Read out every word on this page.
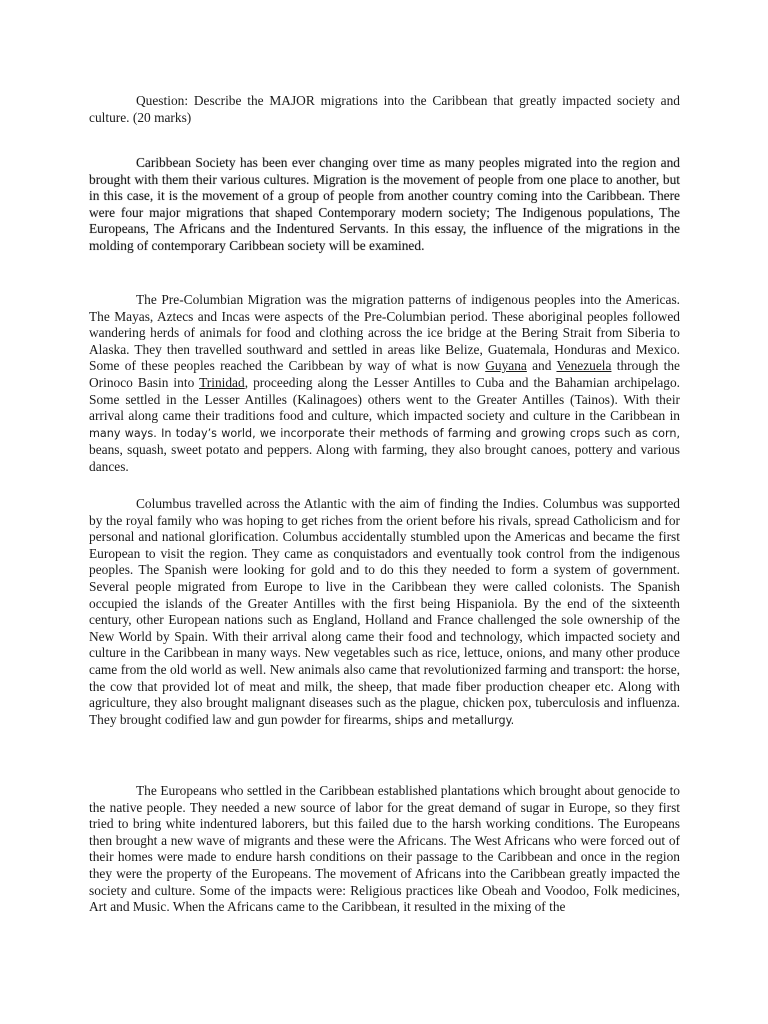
Question: Describe the MAJOR migrations into the Caribbean that greatly impacted society and culture. (20 marks)

Caribbean Society has been ever changing over time as many peoples migrated into the region and brought with them their various cultures. Migration is the movement of people from one place to another, but in this case, it is the movement of a group of people from another country coming into the Caribbean. There were four major migrations that shaped Contemporary modern society; The Indigenous populations, The Europeans, The Africans and the Indentured Servants. In this essay, the influence of the migrations in the molding of contemporary Caribbean society will be examined.

The Pre-Columbian Migration was the migration patterns of indigenous peoples into the Americas. The Mayas, Aztecs and Incas were aspects of the Pre-Columbian period. These aboriginal peoples followed wandering herds of animals for food and clothing across the ice bridge at the Bering Strait from Siberia to Alaska. They then travelled southward and settled in areas like Belize, Guatemala, Honduras and Mexico. Some of these peoples reached the Caribbean by way of what is now Guyana and Venezuela through the Orinoco Basin into Trinidad, proceeding along the Lesser Antilles to Cuba and the Bahamian archipelago. Some settled in the Lesser Antilles (Kalinagoes) others went to the Greater Antilles (Tainos). With their arrival along came their traditions food and culture, which impacted society and culture in the Caribbean in many ways. In today’s world, we incorporate their methods of farming and growing crops such as corn, beans, squash, sweet potato and peppers. Along with farming, they also brought canoes, pottery and various dances.

Columbus travelled across the Atlantic with the aim of finding the Indies. Columbus was supported by the royal family who was hoping to get riches from the orient before his rivals, spread Catholicism and for personal and national glorification. Columbus accidentally stumbled upon the Americas and became the first European to visit the region. They came as conquistadors and eventually took control from the indigenous peoples. The Spanish were looking for gold and to do this they needed to form a system of government. Several people migrated from Europe to live in the Caribbean they were called colonists. The Spanish occupied the islands of the Greater Antilles with the first being Hispaniola. By the end of the sixteenth century, other European nations such as England, Holland and France challenged the sole ownership of the New World by Spain. With their arrival along came their food and technology, which impacted society and culture in the Caribbean in many ways. New vegetables such as rice, lettuce, onions, and many other produce came from the old world as well. New animals also came that revolutionized farming and transport: the horse, the cow that provided lot of meat and milk, the sheep, that made fiber production cheaper etc. Along with agriculture, they also brought malignant diseases such as the plague, chicken pox, tuberculosis and influenza. They brought codified law and gun powder for firearms, ships and metallurgy.

The Europeans who settled in the Caribbean established plantations which brought about genocide to the native people. They needed a new source of labor for the great demand of sugar in Europe, so they first tried to bring white indentured laborers, but this failed due to the harsh working conditions. The Europeans then brought a new wave of migrants and these were the Africans. The West Africans who were forced out of their homes were made to endure harsh conditions on their passage to the Caribbean and once in the region they were the property of the Europeans. The movement of Africans into the Caribbean greatly impacted the society and culture. Some of the impacts were: Religious practices like Obeah and Voodoo, Folk medicines, Art and Music. When the Africans came to the Caribbean, it resulted in the mixing of the
